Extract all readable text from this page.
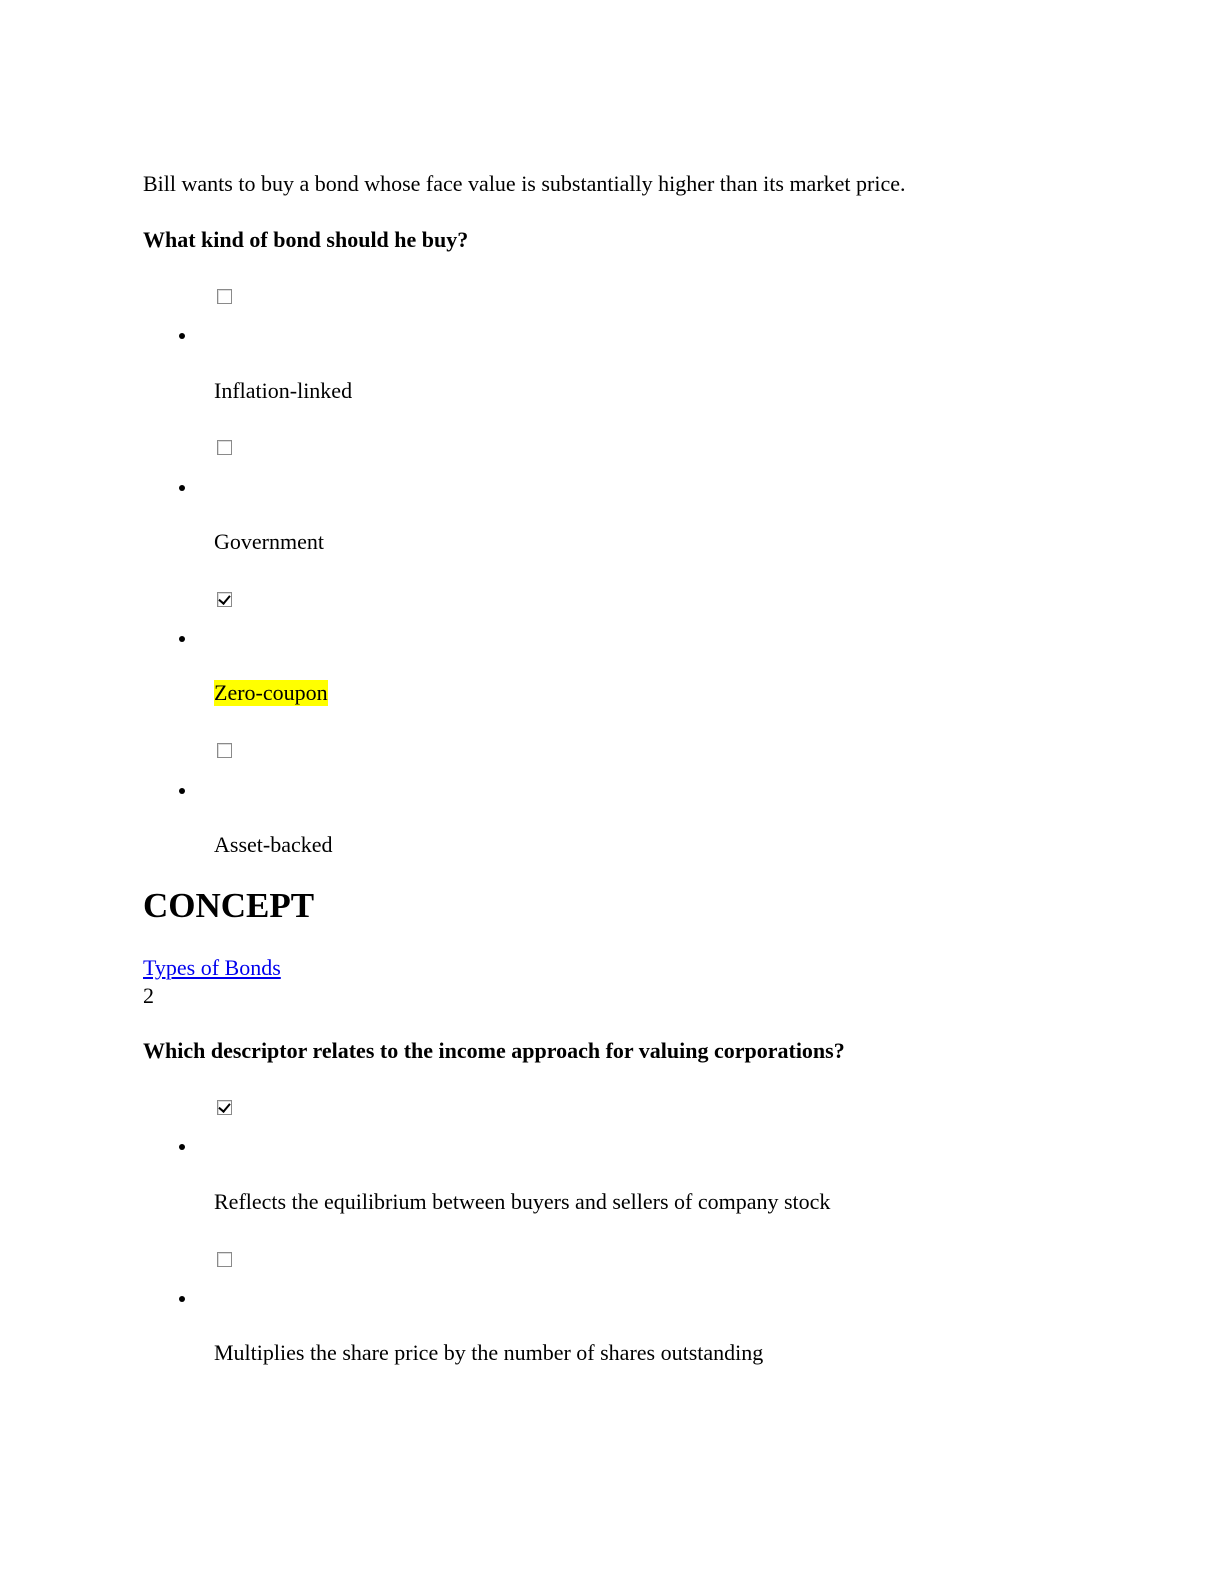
Bill wants to buy a bond whose face value is substantially higher than its market price.
What kind of bond should he buy?
Inflation-linked
Government
Zero-coupon
Asset-backed
CONCEPT
Types of Bonds
2
Which descriptor relates to the income approach for valuing corporations?
Reflects the equilibrium between buyers and sellers of company stock
Multiplies the share price by the number of shares outstanding
